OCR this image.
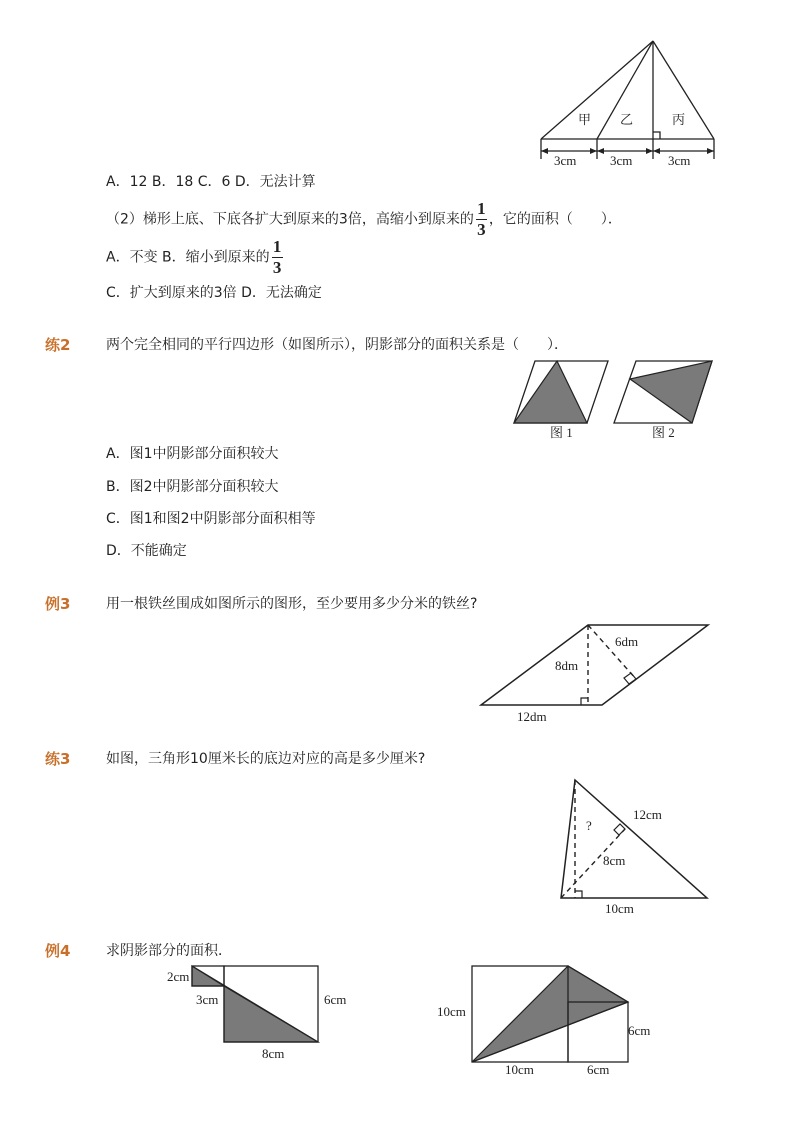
甲 乙	丙
3cm	3cm	3cm
A．12 B．18 C．6 D．无法计算
（2）梯形上底、下底各扩大到原来的3倍，高缩小到原来的 $\frac{1}{3}$ ，它的面积（　　）．
A．不变 B．缩小到原来的 $\frac{1}{3}$
C．扩大到原来的3倍 D．无法确定
练2	两个完全相同的平行四边形（如图所示），阴影部分的面积关系是（　　）．
图 1	图 2
A．图1中阴影部分面积较大
B．图2中阴影部分面积较大
C．图1和图2中阴影部分面积相等
D．不能确定
例3	用一根铁丝围成如图所示的图形，至少要用多少分米的铁丝?
6dm
8dm
12dm
练3	如图，三角形10厘米长的底边对应的高是多少厘米?
12cm
?
8cm
10cm
例4	求阴影部分的面积．
2cm
3cm	6cm
8cm
10cm
6cm
10cm	6cm
